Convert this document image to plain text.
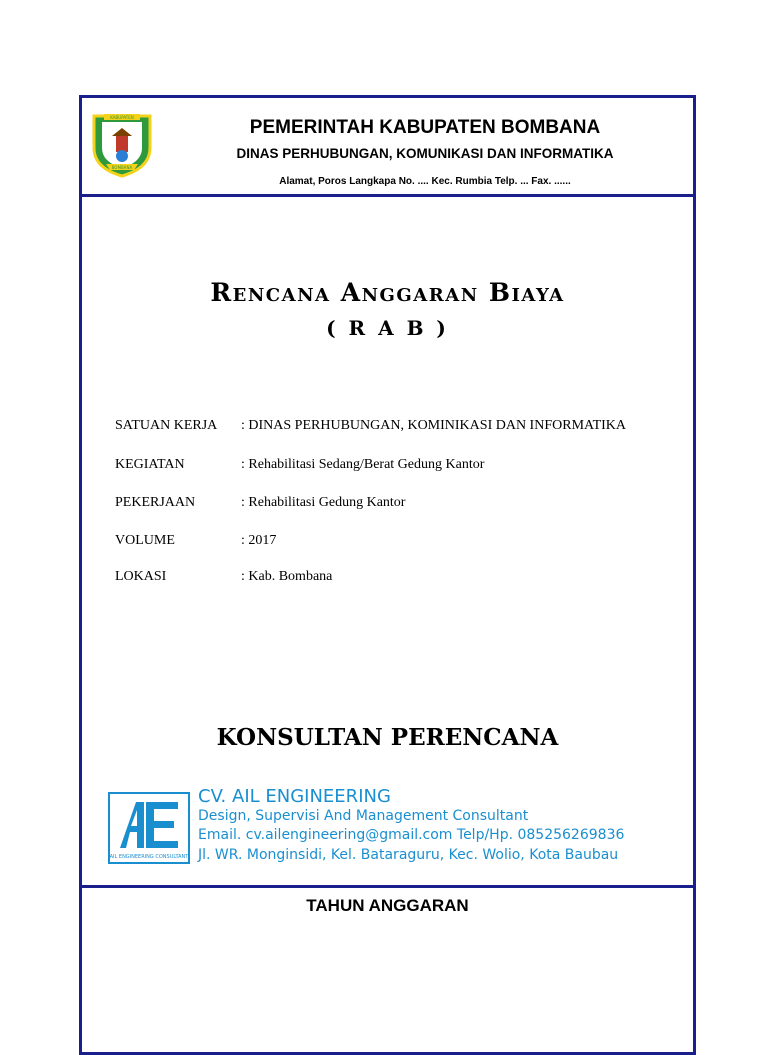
KABUPATEN
BOMBANA
PEMERINTAH KABUPATEN BOMBANA
DINAS PERHUBUNGAN, KOMUNIKASI DAN INFORMATIKA
Alamat, Poros Langkapa No. .... Kec. Rumbia Telp. ... Fax. ......
Rencana Anggaran Biaya
( R A B )
SATUAN KERJA : DINAS PERHUBUNGAN, KOMINIKASI DAN INFORMATIKA
KEGIATAN	: Rehabilitasi Sedang/Berat Gedung Kantor
PEKERJAAN	: Rehabilitasi Gedung Kantor
VOLUME	: 2017
LOKASI	: Kab. Bombana
KONSULTAN PERENCANA
AIL ENGINEERING CONSULTANT
CV. AIL ENGINEERING
Design, Supervisi And Management Consultant
Email. cv.ailengineering@gmail.com Telp/Hp. 085256269836
Jl. WR. Monginsidi, Kel. Bataraguru, Kec. Wolio, Kota Baubau
TAHUN ANGGARAN
